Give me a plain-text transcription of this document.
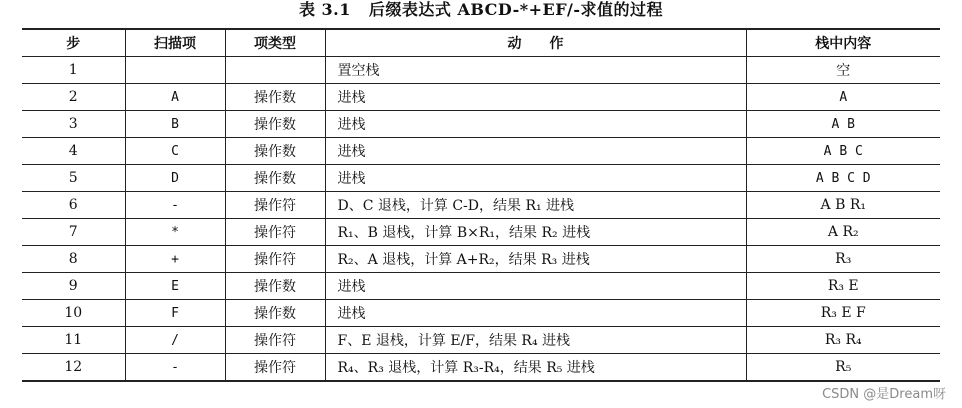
表 3.1 后缀表达式 ABCD-*+EF/-求值的过程
步	扫描项	项类型	动　　作	栈中内容
1			置空栈	空
2	A	操作数	进栈	A
3	B	操作数	进栈	A B
4	C	操作数	进栈	A B C
5	D	操作数	进栈	A B C D
6	-	操作符	D、C 退栈，计算 C-D，结果 R₁ 进栈	A B R₁
7	*	操作符	R₁、B 退栈，计算 B×R₁，结果 R₂ 进栈	A R₂
8	+	操作符	R₂、A 退栈，计算 A+R₂，结果 R₃ 进栈	R₃
9	E	操作数	进栈	R₃ E
10	F	操作数	进栈	R₃ E F
11	/	操作符	F、E 退栈，计算 E/F，结果 R₄ 进栈	R₃ R₄
12	-	操作符	R₄、R₃ 退栈，计算 R₃-R₄，结果 R₅ 进栈	R₅
CSDN @是Dream呀
